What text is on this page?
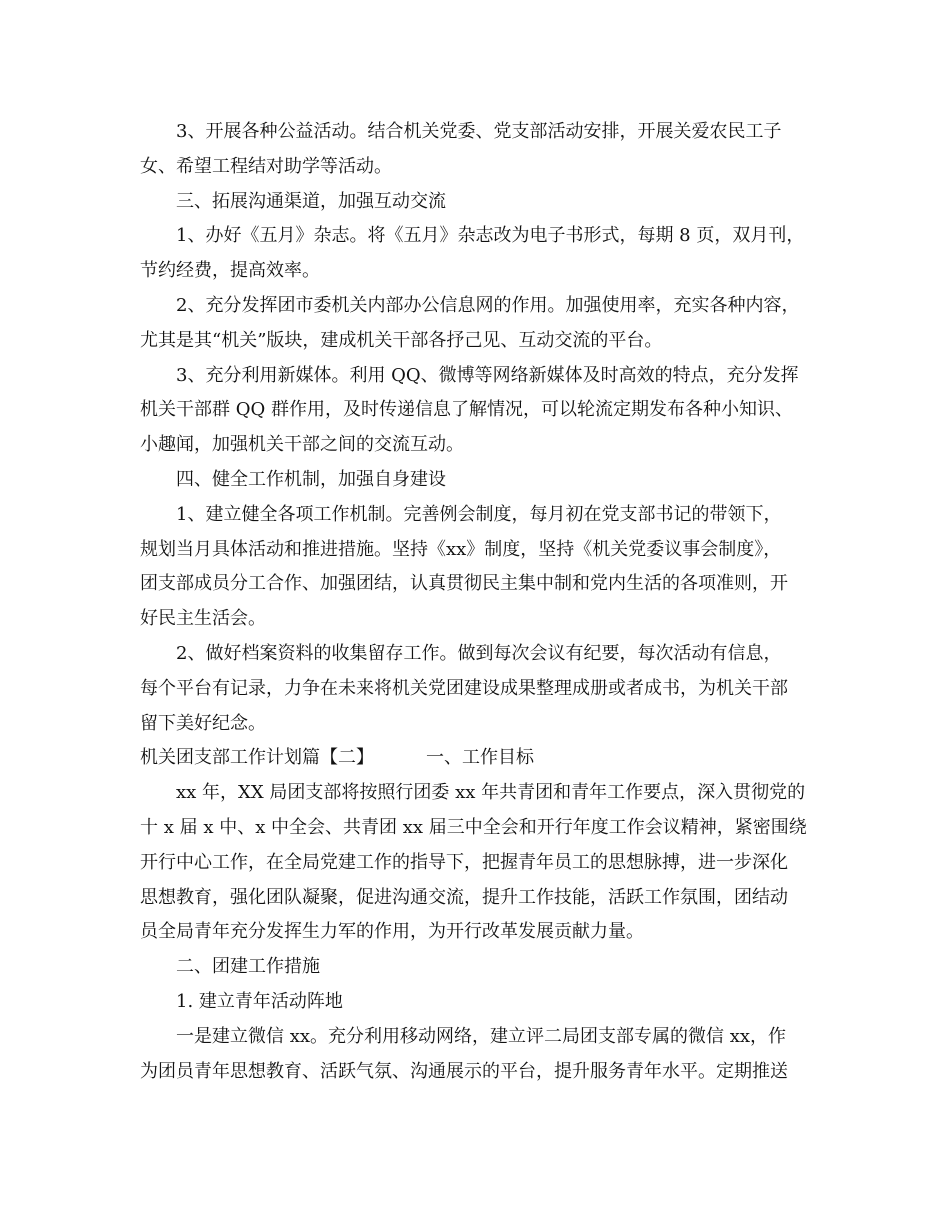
3、开展各种公益活动。结合机关党委、党支部活动安排，开展关爱农民工子
女、希望工程结对助学等活动。
三、拓展沟通渠道，加强互动交流
1、办好《五月》杂志。将《五月》杂志改为电子书形式，每期 8 页，双月刊，
节约经费，提高效率。
2、充分发挥团市委机关内部办公信息网的作用。加强使用率，充实各种内容，
尤其是其“机关”版块，建成机关干部各抒己见、互动交流的平台。
3、充分利用新媒体。利用 QQ、微博等网络新媒体及时高效的特点，充分发挥
机关干部群 QQ 群作用，及时传递信息了解情况，可以轮流定期发布各种小知识、
小趣闻，加强机关干部之间的交流互动。
四、健全工作机制，加强自身建设
1、建立健全各项工作机制。完善例会制度，每月初在党支部书记的带领下，
规划当月具体活动和推进措施。坚持《xx》制度，坚持《机关党委议事会制度》，
团支部成员分工合作、加强团结，认真贯彻民主集中制和党内生活的各项准则，开
好民主生活会。
2、做好档案资料的收集留存工作。做到每次会议有纪要，每次活动有信息，
每个平台有记录，力争在未来将机关党团建设成果整理成册或者成书，为机关干部
留下美好纪念。
机关团支部工作计划篇【二】	一、工作目标
xx 年，XX 局团支部将按照行团委 xx 年共青团和青年工作要点，深入贯彻党的
十 x 届 x 中、x 中全会、共青团 xx 届三中全会和开行年度工作会议精神，紧密围绕
开行中心工作，在全局党建工作的指导下，把握青年员工的思想脉搏，进一步深化
思想教育，强化团队凝聚，促进沟通交流，提升工作技能，活跃工作氛围，团结动
员全局青年充分发挥生力军的作用，为开行改革发展贡献力量。
二、团建工作措施
1. 建立青年活动阵地
一是建立微信 xx。充分利用移动网络，建立评二局团支部专属的微信 xx，作
为团员青年思想教育、活跃气氛、沟通展示的平台，提升服务青年水平。定期推送
